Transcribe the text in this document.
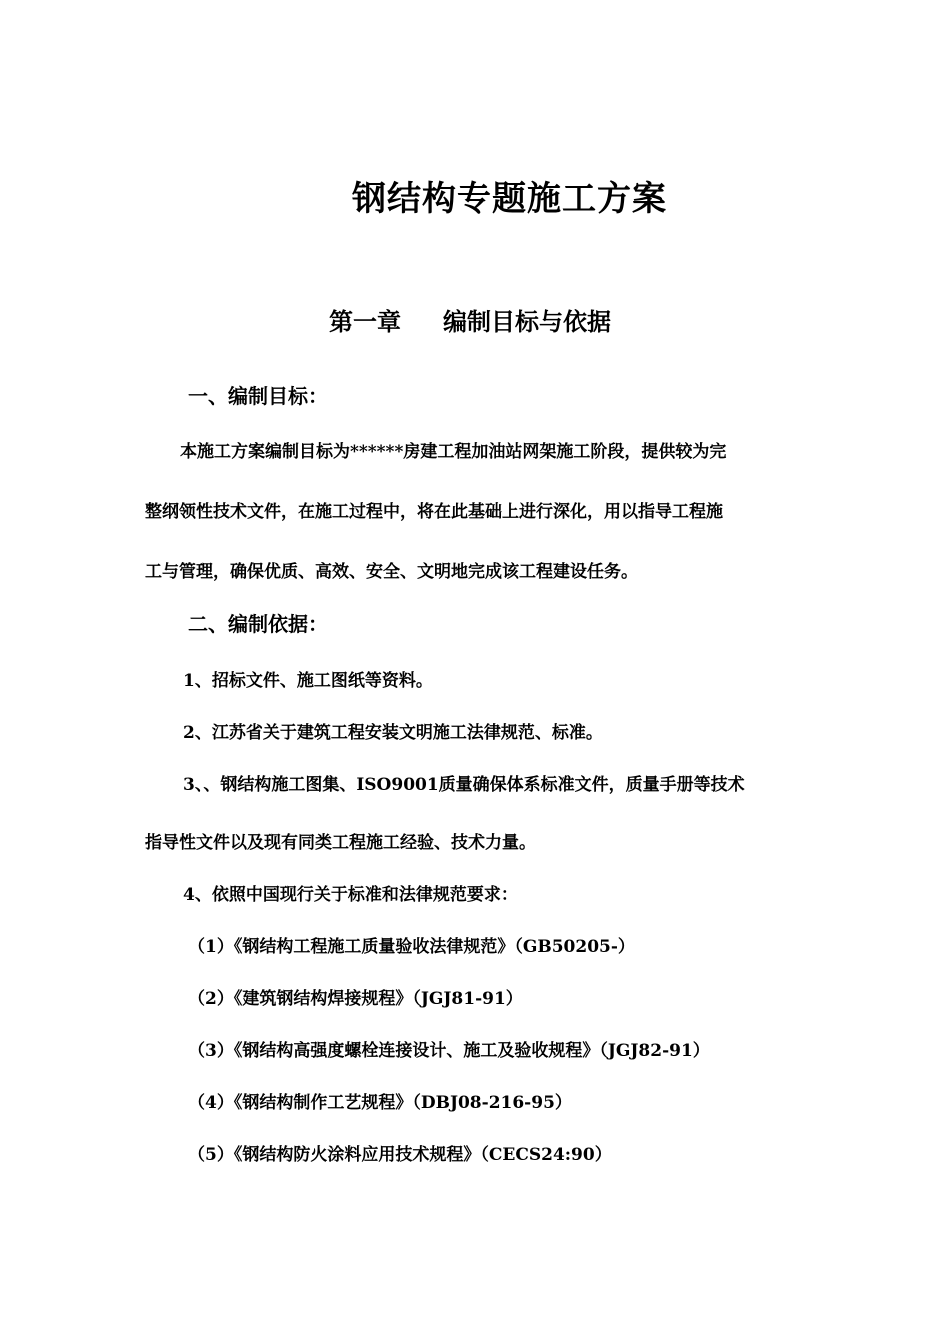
钢结构专题施工方案
第一章 编制目标与依据
一、编制目标：
本施工方案编制目标为******房建工程加油站网架施工阶段，提供较为完
整纲领性技术文件，在施工过程中，将在此基础上进行深化，用以指导工程施
工与管理，确保优质、高效、安全、文明地完成该工程建设任务。
二、编制依据：
1、招标文件、施工图纸等资料。
2、江苏省关于建筑工程安装文明施工法律规范、标准。
3、、钢结构施工图集、ISO9001质量确保体系标准文件，质量手册等技术
指导性文件以及现有同类工程施工经验、技术力量。
4、依照中国现行关于标准和法律规范要求：
（1）《钢结构工程施工质量验收法律规范》（GB50205-）
（2）《建筑钢结构焊接规程》（JGJ81-91）
（3）《钢结构高强度螺栓连接设计、施工及验收规程》（JGJ82-91）
（4）《钢结构制作工艺规程》（DBJ08-216-95）
（5）《钢结构防火涂料应用技术规程》（CECS24:90）
